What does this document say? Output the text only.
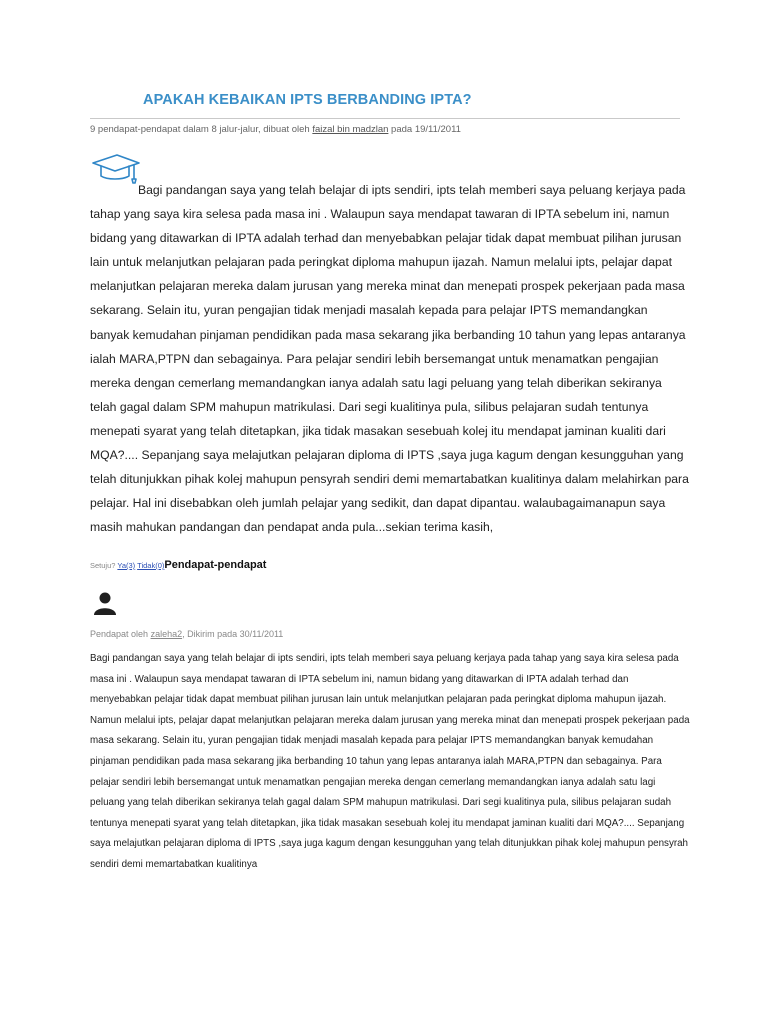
APAKAH KEBAIKAN IPTS BERBANDING IPTA?
9 pendapat-pendapat dalam 8 jalur-jalur, dibuat oleh faizal bin madzlan pada 19/11/2011

Bagi pandangan saya yang telah belajar di ipts sendiri, ipts telah memberi saya peluang kerjaya pada tahap yang saya kira selesa pada masa ini . Walaupun saya mendapat tawaran di IPTA sebelum ini, namun bidang yang ditawarkan di IPTA adalah terhad dan menyebabkan pelajar tidak dapat membuat pilihan jurusan lain untuk melanjutkan pelajaran pada peringkat diploma mahupun ijazah. Namun melalui ipts, pelajar dapat melanjutkan pelajaran mereka dalam jurusan yang mereka minat dan menepati prospek pekerjaan pada masa sekarang. Selain itu, yuran pengajian tidak menjadi masalah kepada para pelajar IPTS memandangkan banyak kemudahan pinjaman pendidikan pada masa sekarang jika berbanding 10 tahun yang lepas antaranya ialah MARA,PTPN dan sebagainya. Para pelajar sendiri lebih bersemangat untuk menamatkan pengajian mereka dengan cemerlang memandangkan ianya adalah satu lagi peluang yang telah diberikan sekiranya telah gagal dalam SPM mahupun matrikulasi. Dari segi kualitinya pula, silibus pelajaran sudah tentunya menepati syarat yang telah ditetapkan, jika tidak masakan sesebuah kolej itu mendapat jaminan kualiti dari MQA?.... Sepanjang saya melajutkan pelajaran diploma di IPTS ,saya juga kagum dengan kesungguhan yang telah ditunjukkan pihak kolej mahupun pensyrah sendiri demi memartabatkan kualitinya dalam melahirkan para pelajar. Hal ini disebabkan oleh jumlah pelajar yang sedikit, dan dapat dipantau. walaubagaimanapun saya masih mahukan pandangan dan pendapat anda pula...sekian terima kasih,

Setuju? Ya(3) Tidak(0)Pendapat-pendapat
Pendapat oleh zaleha2, Dikirim pada 30/11/2011

Bagi pandangan saya yang telah belajar di ipts sendiri, ipts telah memberi saya peluang kerjaya pada tahap yang saya kira selesa pada masa ini . Walaupun saya mendapat tawaran di IPTA sebelum ini, namun bidang yang ditawarkan di IPTA adalah terhad dan menyebabkan pelajar tidak dapat membuat pilihan jurusan lain untuk melanjutkan pelajaran pada peringkat diploma mahupun ijazah. Namun melalui ipts, pelajar dapat melanjutkan pelajaran mereka dalam jurusan yang mereka minat dan menepati prospek pekerjaan pada masa sekarang. Selain itu, yuran pengajian tidak menjadi masalah kepada para pelajar IPTS memandangkan banyak kemudahan pinjaman pendidikan pada masa sekarang jika berbanding 10 tahun yang lepas antaranya ialah MARA,PTPN dan sebagainya. Para pelajar sendiri lebih bersemangat untuk menamatkan pengajian mereka dengan cemerlang memandangkan ianya adalah satu lagi peluang yang telah diberikan sekiranya telah gagal dalam SPM mahupun matrikulasi. Dari segi kualitinya pula, silibus pelajaran sudah tentunya menepati syarat yang telah ditetapkan, jika tidak masakan sesebuah kolej itu mendapat jaminan kualiti dari MQA?.... Sepanjang saya melajutkan pelajaran diploma di IPTS ,saya juga kagum dengan kesungguhan yang telah ditunjukkan pihak kolej mahupun pensyrah sendiri demi memartabatkan kualitinya
